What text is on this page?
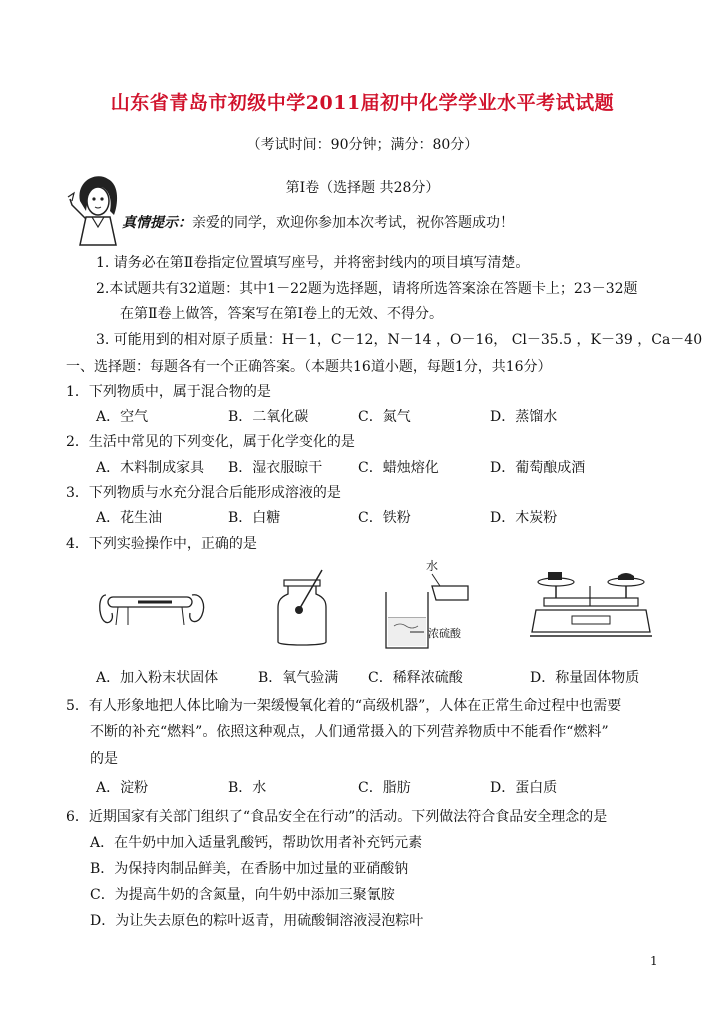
山东省青岛市初级中学2011届初中化学学业水平考试试题
（考试时间：90分钟；满分：80分）
第Ⅰ卷（选择题 共28分）
真情提示：亲爱的同学，欢迎你参加本次考试，祝你答题成功！
1. 请务必在第Ⅱ卷指定位置填写座号，并将密封线内的项目填写清楚。
2.本试题共有32道题：其中1－22题为选择题，请将所选答案涂在答题卡上；23－32题
在第Ⅱ卷上做答，答案写在第Ⅰ卷上的无效、不得分。
3. 可能用到的相对原子质量：H－1，C－12，N－14 ，O－16， Cl－35.5 ，K－39 ，Ca－40
一、选择题：每题各有一个正确答案。（本题共16道小题，每题1分，共16分）
1．下列物质中，属于混合物的是
A．空气	B．二氧化碳	C．氮气	D．蒸馏水
2．生活中常见的下列变化，属于化学变化的是
A．木料制成家具 B．湿衣服晾干	C．蜡烛熔化	D．葡萄酿成酒
3．下列物质与水充分混合后能形成溶液的是
A．花生油	B．白糖	C．铁粉	D．木炭粉
4．下列实验操作中，正确的是
水
浓硫酸
A．加入粉末状固体	B．氧气验满 C．稀释浓硫酸	D．称量固体物质
5．有人形象地把人体比喻为一架缓慢氧化着的“高级机器”，人体在正常生命过程中也需要
不断的补充“燃料”。依照这种观点，人们通常摄入的下列营养物质中不能看作“燃料”
的是
A．淀粉	B．水	C．脂肪	D．蛋白质
6．近期国家有关部门组织了“食品安全在行动”的活动。下列做法符合食品安全理念的是
A．在牛奶中加入适量乳酸钙，帮助饮用者补充钙元素
B．为保持肉制品鲜美，在香肠中加过量的亚硝酸钠
C．为提高牛奶的含氮量，向牛奶中添加三聚氰胺
D．为让失去原色的粽叶返青，用硫酸铜溶液浸泡粽叶
1
